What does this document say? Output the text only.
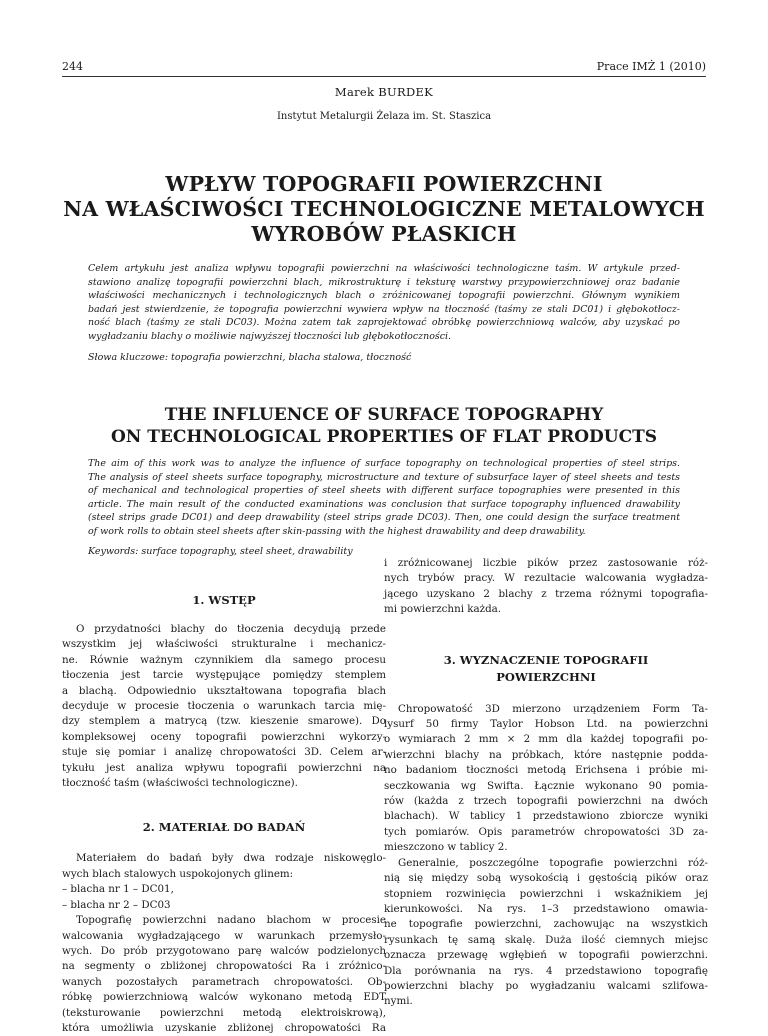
244	Prace IMŻ 1 (2010)
Marek BURDEK
Instytut Metalurgii Żelaza im. St. Staszica
WPŁYW TOPOGRAFII POWIERZCHNI
NA WŁAŚCIWOŚCI TECHNOLOGICZNE METALOWYCH
WYROBÓW PŁASKICH
Celem artykułu jest analiza wpływu topografii powierzchni na właściwości technologiczne taśm. W artykule przed-
stawiono analizę topografii powierzchni blach, mikrostrukturę i teksturę warstwy przypowierzchniowej oraz badanie
właściwości mechanicznych i technologicznych blach o zróżnicowanej topografii powierzchni. Głównym wynikiem
badań jest stwierdzenie, że topografia powierzchni wywiera wpływ na tłoczność (taśmy ze stali DC01) i głębokotłocz-
ność blach (taśmy ze stali DC03). Można zatem tak zaprojektować obróbkę powierzchniową walców, aby uzyskać po
wygładzaniu blachy o możliwie najwyższej tłoczności lub głębokotłoczności.
Słowa kluczowe: topografia powierzchni, blacha stalowa, tłoczność
THE INFLUENCE OF SURFACE TOPOGRAPHY
ON TECHNOLOGICAL PROPERTIES OF FLAT PRODUCTS
The aim of this work was to analyze the influence of surface topography on technological properties of steel strips.
The analysis of steel sheets surface topography, microstructure and texture of subsurface layer of steel sheets and tests
of mechanical and technological properties of steel sheets with different surface topographies were presented in this
article. The main result of the conducted examinations was conclusion that surface topography influenced drawability
(steel strips grade DC01) and deep drawability (steel strips grade DC03). Then, one could design the surface treatment
of work rolls to obtain steel sheets after skin-passing with the highest drawability and deep drawability.
Keywords: surface topography, steel sheet, drawability
1. WSTĘP
O przydatności blachy do tłoczenia decydują przede
wszystkim jej właściwości strukturalne i mechanicz-
ne. Równie ważnym czynnikiem dla samego procesu
tłoczenia jest tarcie występujące pomiędzy stemplem
a blachą. Odpowiednio ukształtowana topografia blach
decyduje w procesie tłoczenia o warunkach tarcia mię-
dzy stemplem a matrycą (tzw. kieszenie smarowe). Do
kompleksowej oceny topografii powierzchni wykorzy-
stuje się pomiar i analizę chropowatości 3D. Celem ar-
tykułu jest analiza wpływu topografii powierzchni na
tłoczność taśm (właściwości technologiczne).
2. MATERIAŁ DO BADAŃ
Materiałem do badań były dwa rodzaje niskowęglo-
wych blach stalowych uspokojonych glinem:
– blacha nr 1 – DC01,
– blacha nr 2 – DC03
Topografię powierzchni nadano blachom w procesie
walcowania wygładzającego w warunkach przemysło-
wych. Do prób przygotowano parę walców podzielonych
na segmenty o zbliżonej chropowatości Ra i zróżnico-
wanych pozostałych parametrach chropowatości. Ob-
róbkę powierzchniową walców wykonano metodą EDT
(teksturowanie powierzchni metodą elektroiskrową),
która umożliwia uzyskanie zbliżonej chropowatości Ra
i zróżnicowanej liczbie pików przez zastosowanie róż-
nych trybów pracy. W rezultacie walcowania wygładza-
jącego uzyskano 2 blachy z trzema różnymi topografia-
mi powierzchni każda.
3. WYZNACZENIE TOPOGRAFII
POWIERZCHNI
Chropowatość 3D mierzono urządzeniem Form Ta-
lysurf 50 firmy Taylor Hobson Ltd. na powierzchni
o wymiarach 2 mm × 2 mm dla każdej topografii po-
wierzchni blachy na próbkach, które następnie podda-
no badaniom tłoczności metodą Erichsena i próbie mi-
seczkowania wg Swifta. Łącznie wykonano 90 pomia-
rów (każda z trzech topografii powierzchni na dwóch
blachach). W tablicy 1 przedstawiono zbiorcze wyniki
tych pomiarów. Opis parametrów chropowatości 3D za-
mieszczono w tablicy 2.
Generalnie, poszczególne topografie powierzchni róż-
nią się między sobą wysokością i gęstością pików oraz
stopniem rozwinięcia powierzchni i wskaźnikiem jej
kierunkowości. Na rys. 1–3 przedstawiono omawia-
ne topografie powierzchni, zachowując na wszystkich
rysunkach tę samą skalę. Duża ilość ciemnych miejsc
oznacza przewagę wgłębień w topografii powierzchni.
Dla porównania na rys. 4 przedstawiono topografię
powierzchni blachy po wygładzaniu walcami szlifowa-
nymi.
